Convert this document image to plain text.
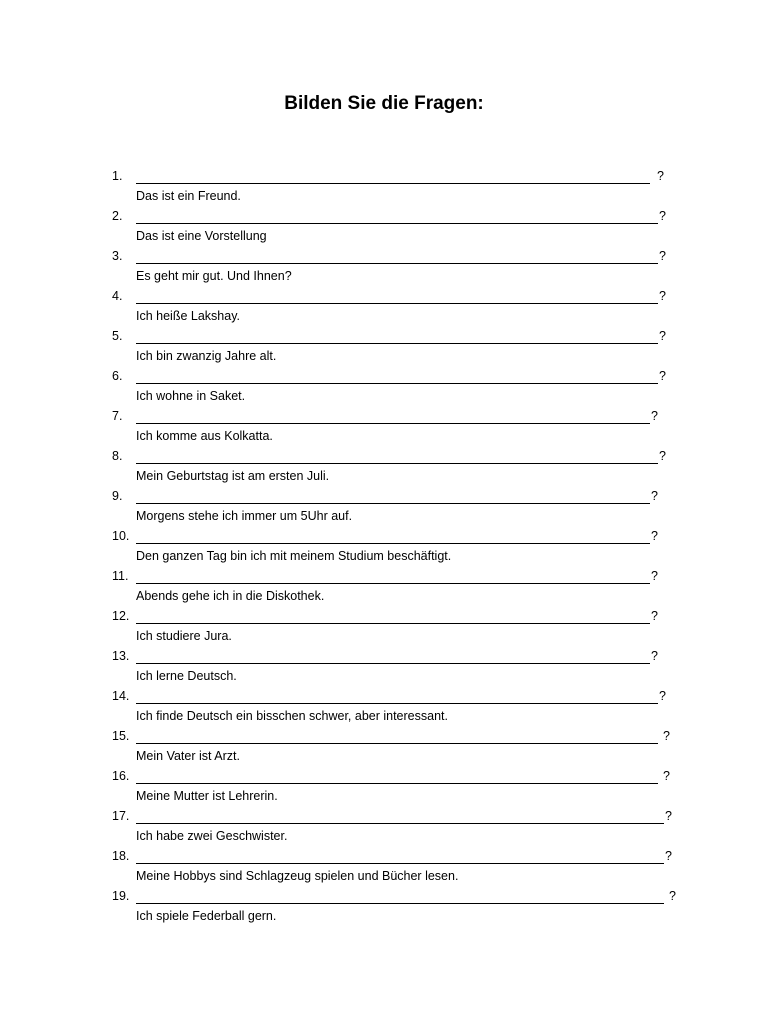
Bilden Sie die Fragen:
1.	?
Das ist ein Freund.
2.	?
Das ist eine Vorstellung
3.	?
Es geht mir gut. Und Ihnen?
4.	?
Ich heiße Lakshay.
5.	?
Ich bin zwanzig Jahre alt.
6.	?
Ich wohne in Saket.
7.	?
Ich komme aus Kolkatta.
8.	?
Mein Geburtstag ist am ersten Juli.
9.	?
Morgens stehe ich immer um 5Uhr auf.
10.	?
Den ganzen Tag bin ich mit meinem Studium beschäftigt.
11.	?
Abends gehe ich in die Diskothek.
12.	?
Ich studiere Jura.
13.	?
Ich lerne Deutsch.
14.	?
Ich finde Deutsch ein bisschen schwer, aber interessant.
15.	?
Mein Vater ist Arzt.
16.	?
Meine Mutter ist Lehrerin.
17.	?
Ich habe zwei Geschwister.
18.	?
Meine Hobbys sind Schlagzeug spielen und Bücher lesen.
19.	?
Ich spiele Federball gern.
